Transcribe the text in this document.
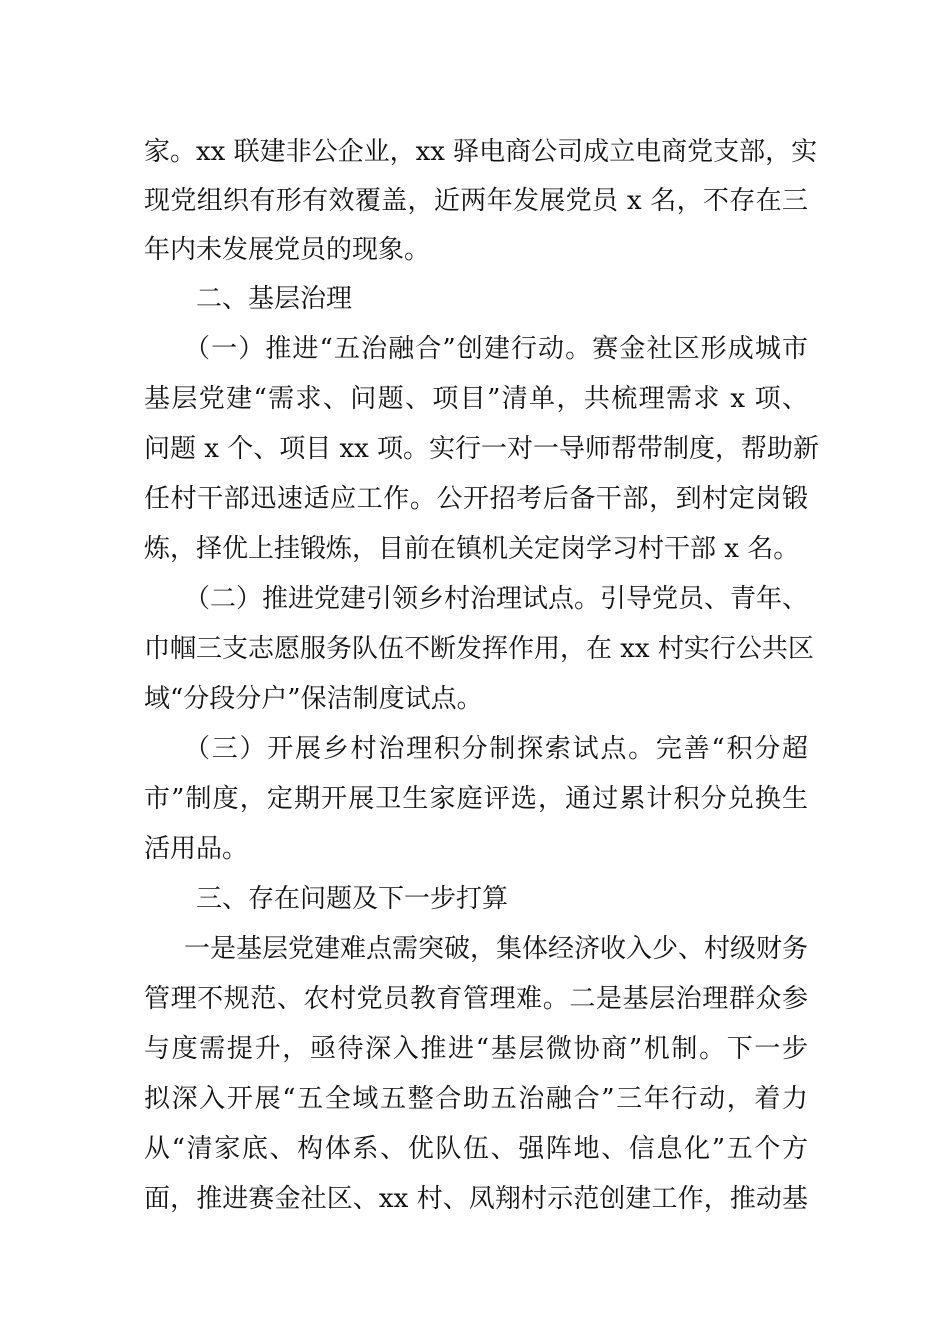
家。xx 联建非公企业，xx 驿电商公司成立电商党支部，实
现党组织有形有效覆盖，近两年发展党员 x 名，不存在三
年内未发展党员的现象。
二、基层治理
（一）推进“五治融合”创建行动。赛金社区形成城市
基层党建“需求、问题、项目”清单，共梳理需求 x 项、
问题 x 个、项目 xx 项。实行一对一导师帮带制度，帮助新
任村干部迅速适应工作。公开招考后备干部，到村定岗锻
炼，择优上挂锻炼，目前在镇机关定岗学习村干部 x 名。
（二）推进党建引领乡村治理试点。引导党员、青年、
巾帼三支志愿服务队伍不断发挥作用，在 xx 村实行公共区
域“分段分户”保洁制度试点。
（三）开展乡村治理积分制探索试点。完善“积分超
市”制度，定期开展卫生家庭评选，通过累计积分兑换生
活用品。
三、存在问题及下一步打算
一是基层党建难点需突破，集体经济收入少、村级财务
管理不规范、农村党员教育管理难。二是基层治理群众参
与度需提升，亟待深入推进“基层微协商”机制。下一步
拟深入开展“五全域五整合助五治融合”三年行动，着力
从“清家底、构体系、优队伍、强阵地、信息化”五个方
面，推进赛金社区、xx 村、凤翔村示范创建工作，推动基
